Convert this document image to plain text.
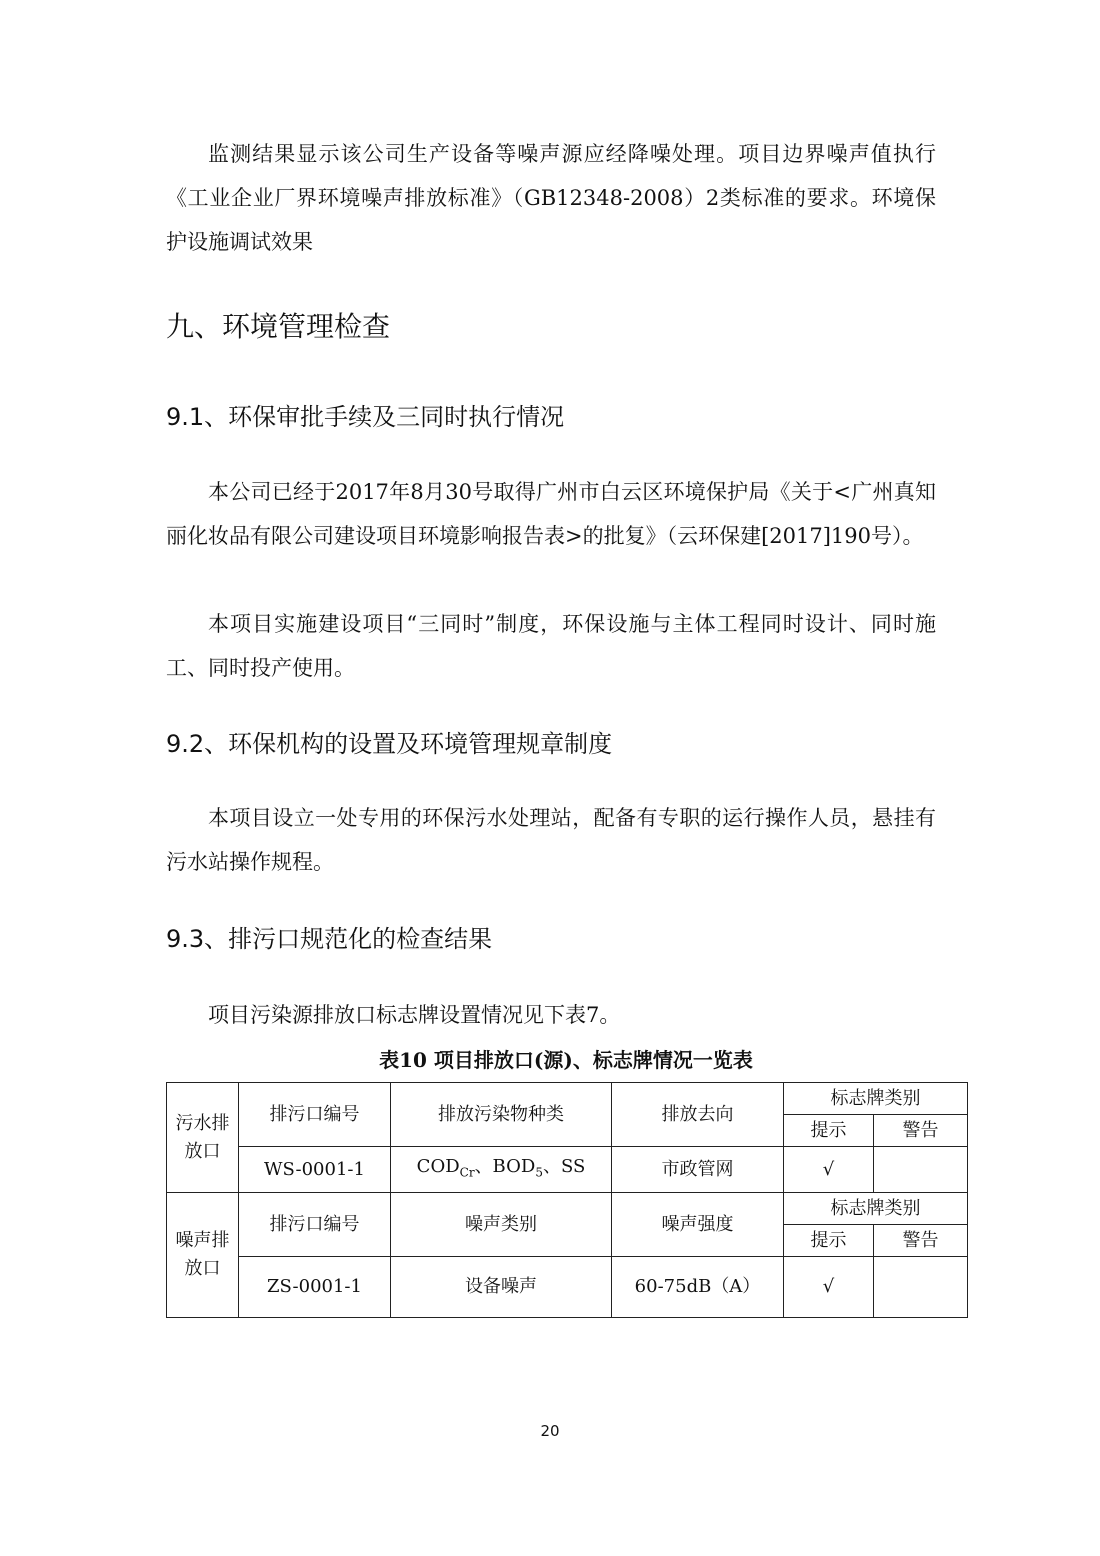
监测结果显示该公司生产设备等噪声源应经降噪处理。项目边界噪声值执行《工业企业厂界环境噪声排放标准》（GB12348-2008）2类标准的要求。环境保护设施调试效果

九、环境管理检查
9.1、环保审批手续及三同时执行情况

本公司已经于2017年8月30号取得广州市白云区环境保护局《关于<广州真知丽化妆品有限公司建设项目环境影响报告表>的批复》（云环保建[2017]190号）。

本项目实施建设项目“三同时”制度，环保设施与主体工程同时设计、同时施工、同时投产使用。

9.2、环保机构的设置及环境管理规章制度

本项目设立一处专用的环保污水处理站，配备有专职的运行操作人员，悬挂有污水站操作规程。

9.3、排污口规范化的检查结果

项目污染源排放口标志牌设置情况见下表7。

表10 项目排放口(源)、标志牌情况一览表

污水排放口	排污口编号	排放污染物种类	排放去向	标志牌类别	
				提示	警告
	WS-0001-1	$COD_{Cr}$、$BOD_5$、SS	市政管网	√	
噪声排放口	排污口编号	噪声类别	噪声强度	标志牌类别	
				提示	警告
	ZS-0001-1	设备噪声	60-75dB（A）	√	
20
